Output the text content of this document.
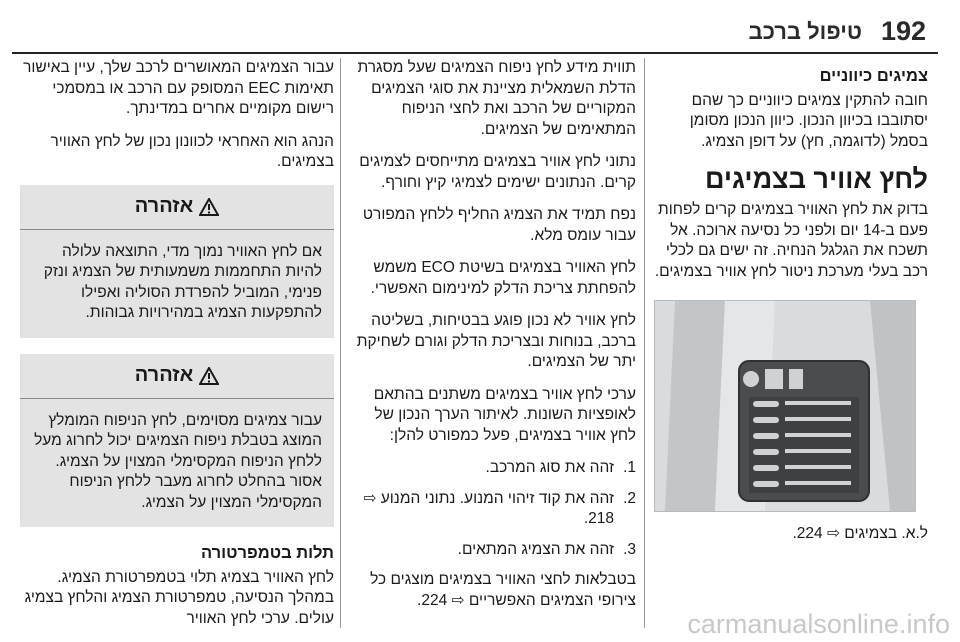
192
טיפול ברכב
צמיגים כיווניים

חובה להתקין צמיגים כיווניים כך שהם יסתובבו בכיוון הנכון. כיוון הנכון מסומן בסמל (לדוגמה, חץ) על דופן הצמיג.

לחץ אוויר בצמיגים

בדוק את לחץ האוויר בצמיגים קרים לפחות פעם ב-14 יום ולפני כל נסיעה ארוכה. אל תשכח את הגלגל הנחיה. זה ישים גם לכלי רכב בעלי מערכת ניטור לחץ אוויר בצמיגים.

ל.א. בצמיגים ⇨ 224.

תווית מידע לחץ ניפוח הצמיגים שעל מסגרת הדלת השמאלית מציינת את סוגי הצמיגים המקוריים של הרכב ואת לחצי הניפוח המתאימים של הצמיגים.

נתוני לחץ אוויר בצמיגים מתייחסים לצמיגים קרים. הנתונים ישימים לצמיגי קיץ וחורף.

נפח תמיד את הצמיג החליף ללחץ המפורט עבור עומס מלא.

לחץ האוויר בצמיגים בשיטת ECO משמש להפחתת צריכת הדלק למינימום האפשרי.

לחץ אוויר לא נכון פוגע בבטיחות, בשליטה ברכב, בנוחות ובצריכת הדלק וגורם לשחיקת יתר של הצמיגים.

ערכי לחץ אוויר בצמיגים משתנים בהתאם לאופציות השונות. לאיתור הערך הנכון של לחץ אוויר בצמיגים, פעל כמפורט להלן:

1.
זהה את סוג המרכב.
2.
זהה את קוד זיהוי המנוע. נתוני המנוע ⇨ 218.
3.
זהה את הצמיג המתאים.

בטבלאות לחצי האוויר בצמיגים מוצגים כל צירופי הצמיגים האפשריים ⇨ 224.

עבור הצמיגים המאושרים לרכב שלך, עיין באישור תאימות EEC המסופק עם הרכב או במסמכי רישום מקומיים אחרים במדינתך.

הנהג הוא האחראי לכוונון נכון של לחץ האוויר בצמיגים.

אזהרה
אם לחץ האוויר נמוך מדי, התוצאה עלולה להיות התחממות משמעותית של הצמיג ונזק פנימי, המוביל להפרדת הסוליה ואפילו להתפקעות הצמיג במהירויות גבוהות.
אזהרה
עבור צמיגים מסוימים, לחץ הניפוח המומלץ המוצג בטבלת ניפוח הצמיגים יכול לחרוג מעל ללחץ הניפוח המקסימלי המצוין על הצמיג. אסור בהחלט לחרוג מעבר ללחץ הניפוח המקסימלי המצוין על הצמיג.
תלות בטמפרטורה

לחץ האוויר בצמיג תלוי בטמפרטורת הצמיג. במהלך הנסיעה, טמפרטורת הצמיג והלחץ בצמיג עולים. ערכי לחץ האוויר	carmanualsonline.info
